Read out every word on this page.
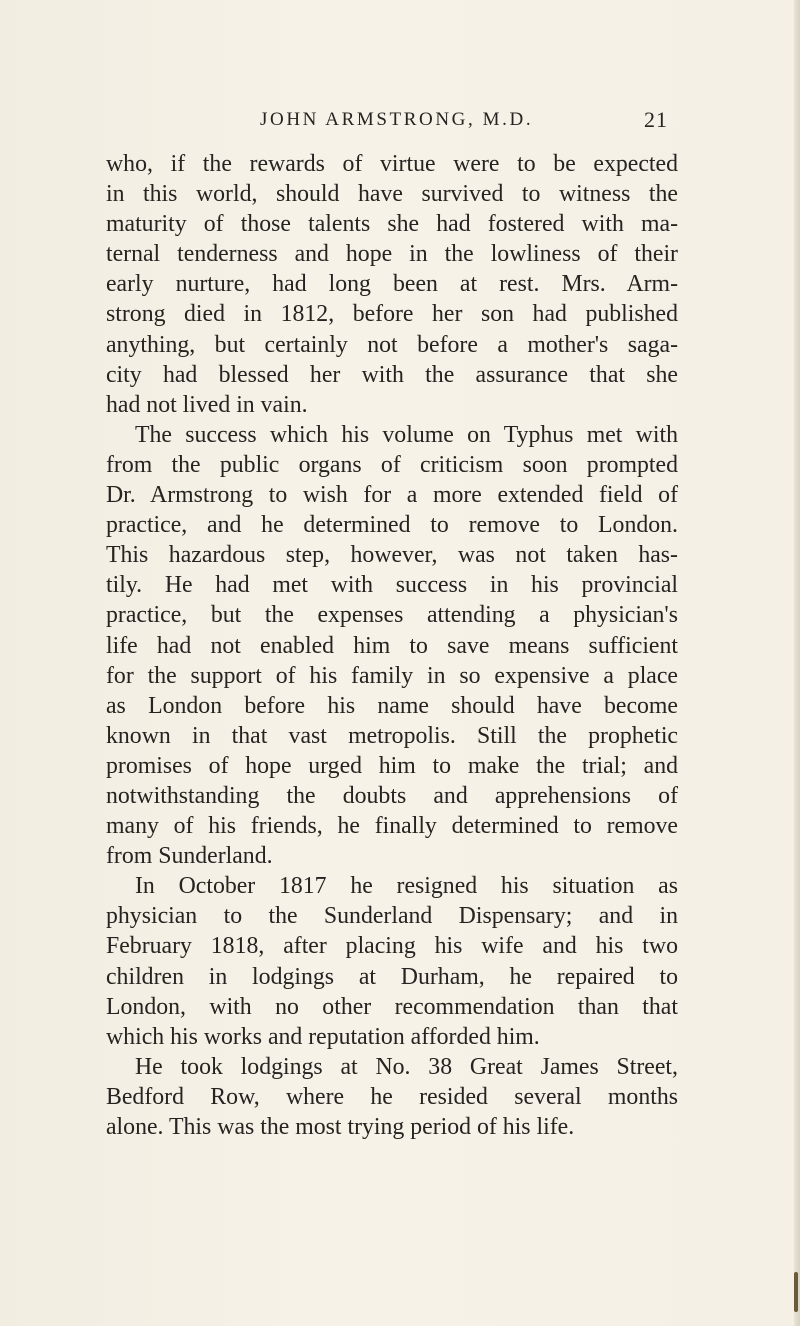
JOHN ARMSTRONG, M.D.	21
who, if the rewards of virtue were to be expected
in this world, should have survived to witness the
maturity of those talents she had fostered with ma-
ternal tenderness and hope in the lowliness of their
early nurture, had long been at rest. Mrs. Arm-
strong died in 1812, before her son had published
anything, but certainly not before a mother's saga-
city had blessed her with the assurance that she
had not lived in vain.
The success which his volume on Typhus met with
from the public organs of criticism soon prompted
Dr. Armstrong to wish for a more extended field of
practice, and he determined to remove to London.
This hazardous step, however, was not taken has-
tily. He had met with success in his provincial
practice, but the expenses attending a physician's
life had not enabled him to save means sufficient
for the support of his family in so expensive a place
as London before his name should have become
known in that vast metropolis. Still the prophetic
promises of hope urged him to make the trial; and
notwithstanding the doubts and apprehensions of
many of his friends, he finally determined to remove
from Sunderland.
In October 1817 he resigned his situation as
physician to the Sunderland Dispensary; and in
February 1818, after placing his wife and his two
children in lodgings at Durham, he repaired to
London, with no other recommendation than that
which his works and reputation afforded him.
He took lodgings at No. 38 Great James Street,
Bedford Row, where he resided several months
alone. This was the most trying period of his life.
